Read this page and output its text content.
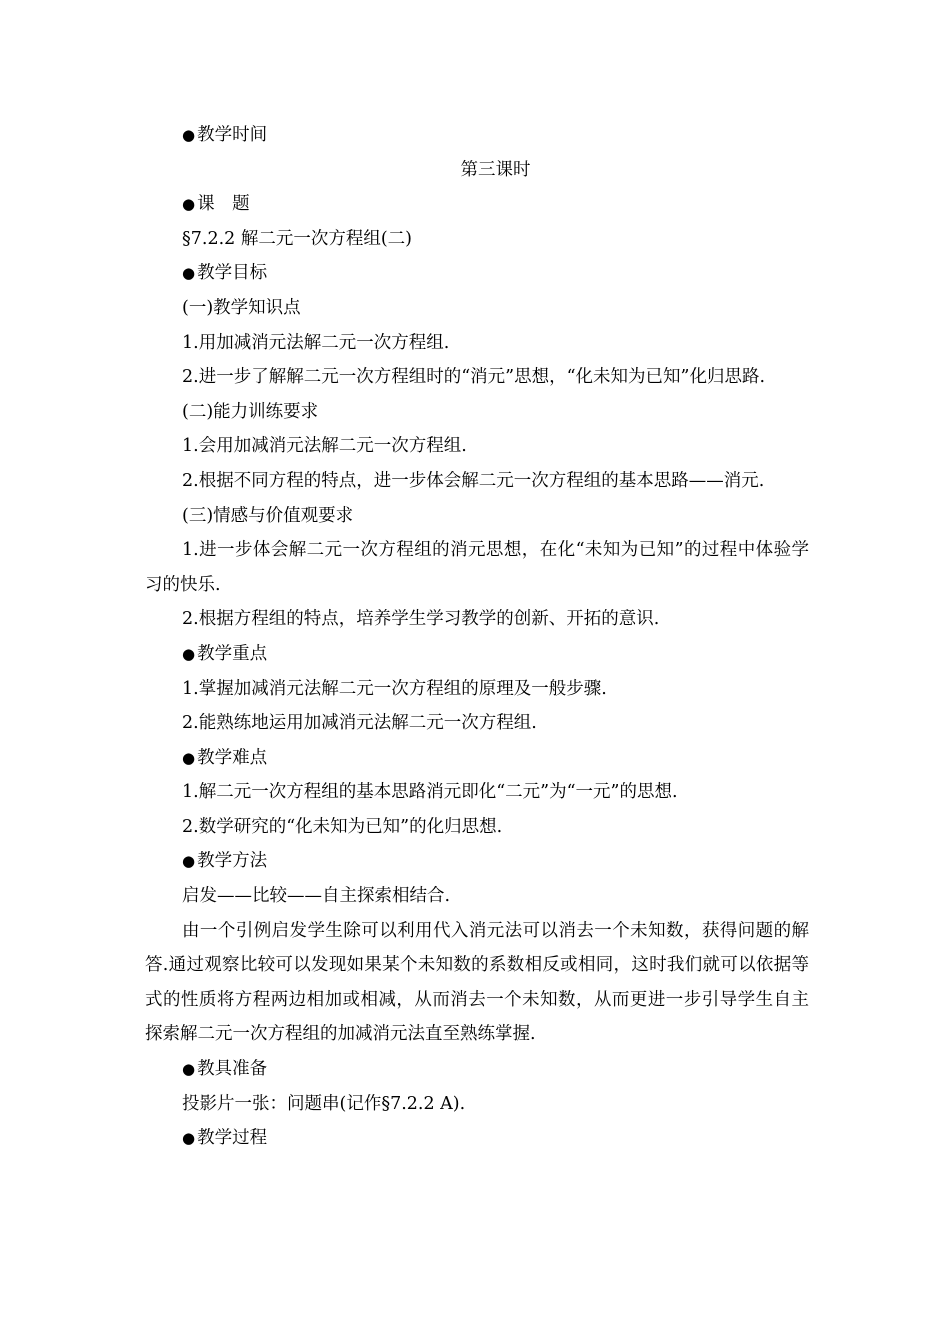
● 教学时间
第三课时
● 课　题
§7.2.2 解二元一次方程组(二)
● 教学目标
(一)教学知识点
1.用加减消元法解二元一次方程组.
2.进一步了解解二元一次方程组时的“消元”思想，“化未知为已知”化归思路.
(二)能力训练要求
1.会用加减消元法解二元一次方程组.
2.根据不同方程的特点，进一步体会解二元一次方程组的基本思路——消元.
(三)情感与价值观要求
1.进一步体会解二元一次方程组的消元思想，在化“未知为已知”的过程中体验学习的快乐.
2.根据方程组的特点，培养学生学习教学的创新、开拓的意识.
● 教学重点
1.掌握加减消元法解二元一次方程组的原理及一般步骤.
2.能熟练地运用加减消元法解二元一次方程组.
● 教学难点
1.解二元一次方程组的基本思路消元即化“二元”为“一元”的思想.
2.数学研究的“化未知为已知”的化归思想.
● 教学方法
启发——比较——自主探索相结合.
由一个引例启发学生除可以利用代入消元法可以消去一个未知数，获得问题的解答.通过观察比较可以发现如果某个未知数的系数相反或相同，这时我们就可以依据等式的性质将方程两边相加或相减，从而消去一个未知数，从而更进一步引导学生自主探索解二元一次方程组的加减消元法直至熟练掌握.
● 教具准备
投影片一张：问题串(记作§7.2.2 A).
● 教学过程
